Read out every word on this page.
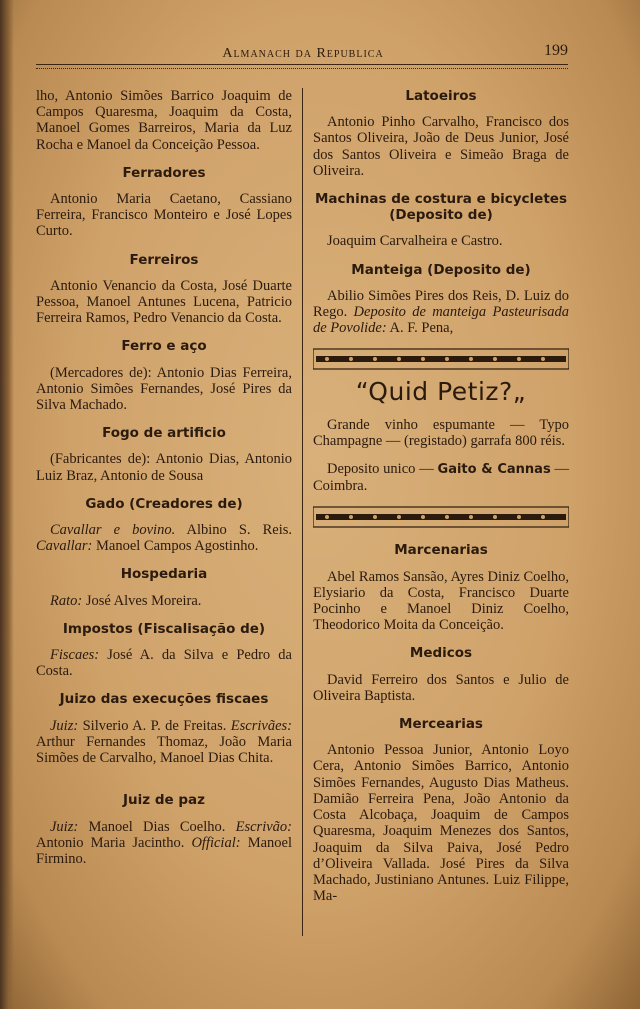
Almanach da Republica	199

lho, Antonio Simões Barrico Joaquim de Campos Quaresma, Joaquim da Costa, Manoel Gomes Barreiros, Maria da Luz Rocha e Manoel da Conceição Pessoa.

Ferradores

Antonio Maria Caetano, Cassiano Ferreira, Francisco Monteiro e José Lopes Curto.

Ferreiros

Antonio Venancio da Costa, José Duarte Pessoa, Manoel Antunes Lucena, Patricio Ferreira Ramos, Pedro Venancio da Costa.

Ferro e aço

(Mercadores de): Antonio Dias Ferreira, Antonio Simões Fernandes, José Pires da Silva Machado.

Fogo de artificio

(Fabricantes de): Antonio Dias, Antonio Luiz Braz, Antonio de Sousa

Gado (Creadores de)

Cavallar e bovino. Albino S. Reis. Cavallar: Manoel Campos Agostinho.

Hospedaria

Rato: José Alves Moreira.

Impostos (Fiscalisação de)

Fiscaes: José A. da Silva e Pedro da Costa.

Juizo das execuções fiscaes

Juiz: Silverio A. P. de Freitas. Escrivães: Arthur Fernandes Thomaz, João Maria Simões de Carvalho, Manoel Dias Chita.

Juiz de paz

Juiz: Manoel Dias Coelho. Escrivão: Antonio Maria Jacintho. Official: Manoel Firmino.

Latoeiros

Antonio Pinho Carvalho, Francisco dos Santos Oliveira, João de Deus Junior, José dos Santos Oliveira e Simeão Braga de Oliveira.

Machinas de costura e bicycletes
(Deposito de)

Joaquim Carvalheira e Castro.

Manteiga (Deposito de)

Abilio Simões Pires dos Reis, D. Luiz do Rego. Deposito de manteiga Pasteurisada de Povolide: A. F. Pena,

“Quid Petiz?„

Grande vinho espumante — Typo Champagne — (registado) garrafa 800 réis.

Deposito unico — Gaito & Cannas — Coimbra.

Marcenarias

Abel Ramos Sansão, Ayres Diniz Coelho, Elysiario da Costa, Francisco Duarte Pocinho e Manoel Diniz Coelho, Theodorico Moita da Conceição.

Medicos

David Ferreiro dos Santos e Julio de Oliveira Baptista.

Mercearias

Antonio Pessoa Junior, Antonio Loyo Cera, Antonio Simões Barrico, Antonio Simões Fernandes, Augusto Dias Matheus. Damião Ferreira Pena, João Antonio da Costa Alcobaça, Joaquim de Campos Quaresma, Joaquim Menezes dos Santos, Joaquim da Silva Paiva, José Pedro d’Oliveira Vallada. José Pires da Silva Machado, Justiniano Antunes. Luiz Filippe, Ma-
